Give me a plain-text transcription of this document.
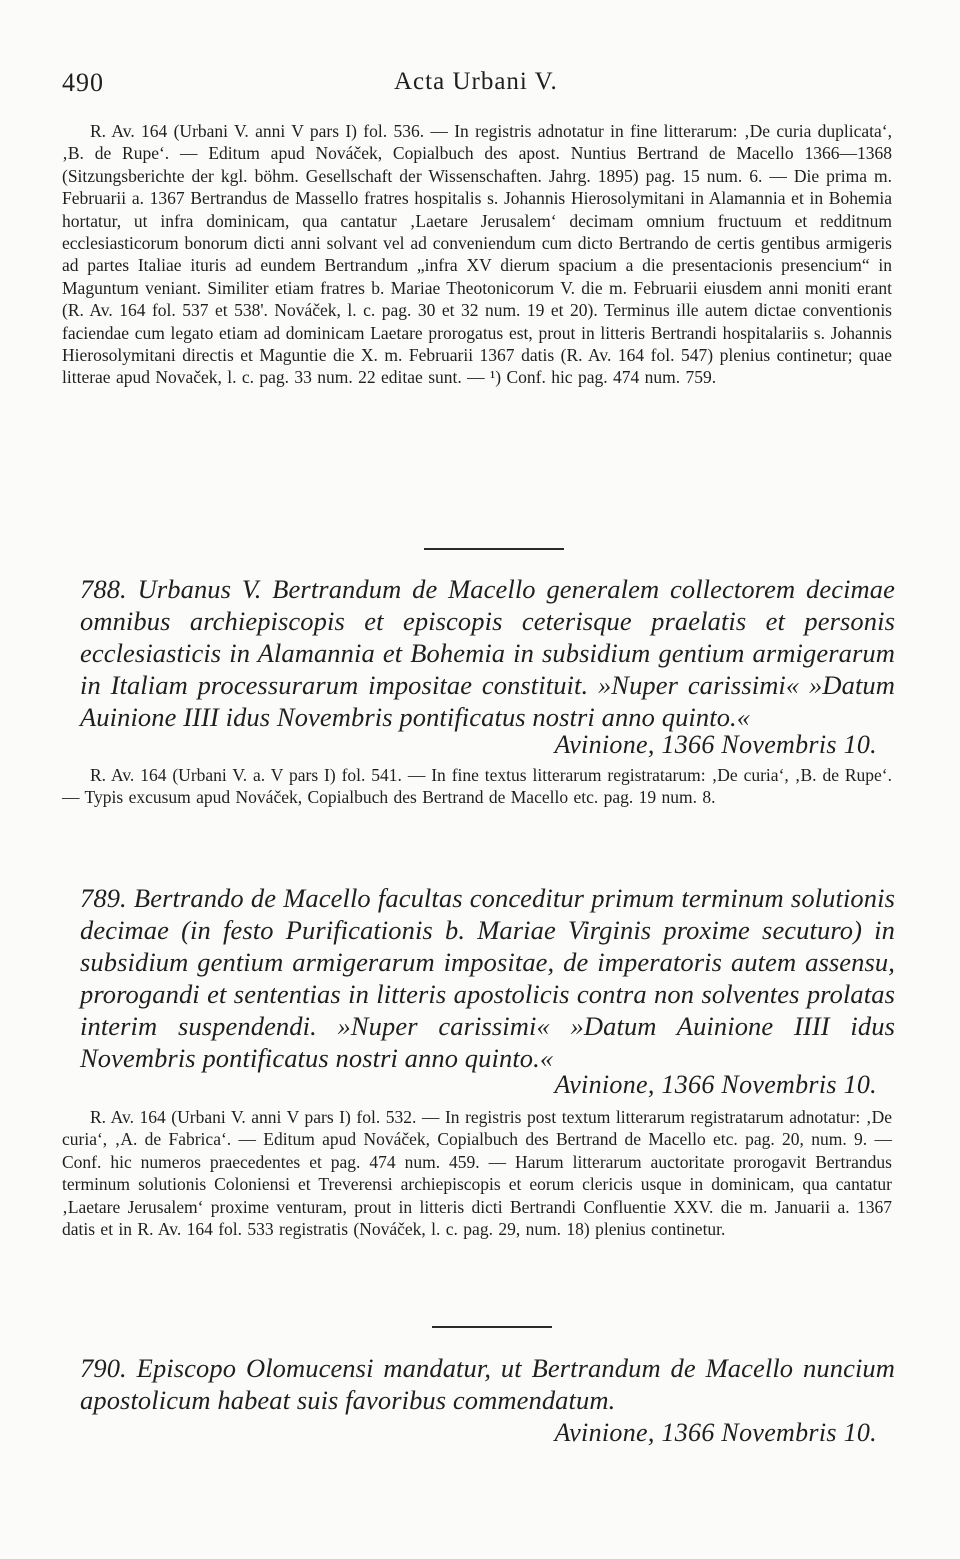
490	Acta Urbani V.

R. Av. 164 (Urbani V. anni V pars I) fol. 536. — In registris adnotatur in fine litterarum: ‚De curia duplicata‘, ‚B. de Rupe‘. — Editum apud Nováček, Copialbuch des apost. Nuntius Bertrand de Macello 1366—1368 (Sitzungsberichte der kgl. böhm. Gesellschaft der Wissenschaften. Jahrg. 1895) pag. 15 num. 6. — Die prima m. Februarii a. 1367 Bertrandus de Massello fratres hospitalis s. Johannis Hierosolymitani in Alamannia et in Bohemia hortatur, ut infra dominicam, qua cantatur ‚Laetare Jerusalem‘ decimam omnium fructuum et redditnum ecclesiasticorum bonorum dicti anni solvant vel ad conveniendum cum dicto Bertrando de certis gentibus armigeris ad partes Italiae ituris ad eundem Bertrandum „infra XV dierum spacium a die presentacionis presencium“ in Maguntum veniant. Similiter etiam fratres b. Mariae Theotonicorum V. die m. Februarii eiusdem anni moniti erant (R. Av. 164 fol. 537 et 538'. Nováček, l. c. pag. 30 et 32 num. 19 et 20). Terminus ille autem dictae conventionis faciendae cum legato etiam ad dominicam Laetare prorogatus est, prout in litteris Bertrandi hospitalariis s. Johannis Hierosolymitani directis et Maguntie die X. m. Februarii 1367 datis (R. Av. 164 fol. 547) plenius continetur; quae litterae apud Novaček, l. c. pag. 33 num. 22 editae sunt. — ¹) Conf. hic pag. 474 num. 759.

788. Urbanus V. Bertrandum de Macello generalem collectorem decimae omnibus archiepiscopis et episcopis ceterisque praelatis et personis ecclesiasticis in Alamannia et Bohemia in subsidium gentium armigerarum in Italiam processurarum impositae constituit. »Nuper carissimi« »Datum Auinione IIII idus Novembris pontificatus nostri anno quinto.«

Avinione, 1366 Novembris 10.

R. Av. 164 (Urbani V. a. V pars I) fol. 541. — In fine textus litterarum registratarum: ‚De curia‘, ‚B. de Rupe‘. — Typis excusum apud Nováček, Copialbuch des Bertrand de Macello etc. pag. 19 num. 8.

789. Bertrando de Macello facultas conceditur primum terminum solutionis decimae (in festo Purificationis b. Mariae Virginis proxime secuturo) in subsidium gentium armigerarum impositae, de imperatoris autem assensu, prorogandi et sententias in litteris apostolicis contra non solventes prolatas interim suspendendi. »Nuper carissimi« »Datum Auinione IIII idus Novembris pontificatus nostri anno quinto.«

Avinione, 1366 Novembris 10.

R. Av. 164 (Urbani V. anni V pars I) fol. 532. — In registris post textum litterarum registratarum adnotatur: ‚De curia‘, ‚A. de Fabrica‘. — Editum apud Nováček, Copialbuch des Bertrand de Macello etc. pag. 20, num. 9. — Conf. hic numeros praecedentes et pag. 474 num. 459. — Harum litterarum auctoritate prorogavit Bertrandus terminum solutionis Coloniensi et Treverensi archiepiscopis et eorum clericis usque in dominicam, qua cantatur ‚Laetare Jerusalem‘ proxime venturam, prout in litteris dicti Bertrandi Confluentie XXV. die m. Januarii a. 1367 datis et in R. Av. 164 fol. 533 registratis (Nováček, l. c. pag. 29, num. 18) plenius continetur.

790. Episcopo Olomucensi mandatur, ut Bertrandum de Macello nuncium apostolicum habeat suis favoribus commendatum.

Avinione, 1366 Novembris 10.
